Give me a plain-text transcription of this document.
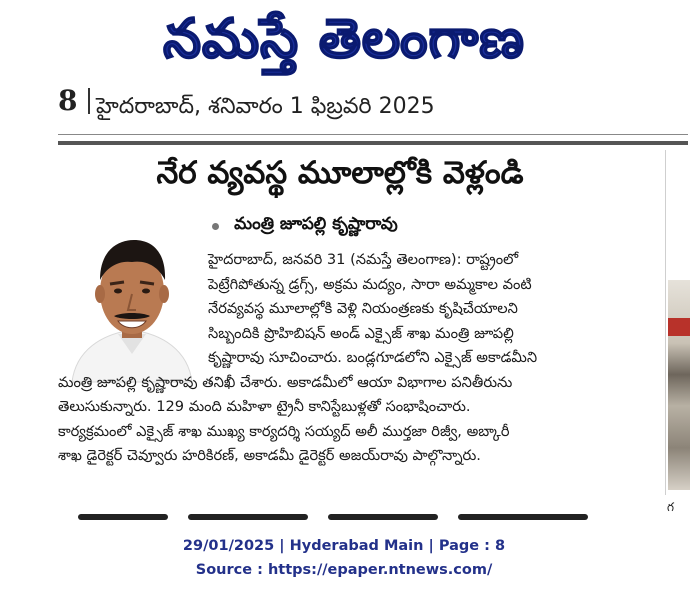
నమస్తే తెలంగాణ
8 హైదరాబాద్, శనివారం 1 ఫిబ్రవరి 2025
నేర వ్యవస్థ మూలాల్లోకి వెళ్లండి
గ
మంత్రి జూపల్లి కృష్ణారావు
హైదరాబాద్, జనవరి 31 (నమస్తే తెలంగాణ): రాష్ట్రంలో
పెట్రేగిపోతున్న డ్రగ్స్, అక్రమ మద్యం, సారా అమ్మకాల వంటి
నేరవ్యవస్థ మూలాల్లోకి వెళ్లి నియంత్రణకు కృషిచేయాలని
సిబ్బందికి ప్రొహిబిషన్ అండ్ ఎక్సైజ్ శాఖ మంత్రి జూపల్లి
కృష్ణారావు సూచించారు. బండ్లగూడలోని ఎక్సైజ్ అకాడమీని
మంత్రి జూపల్లి కృష్ణారావు తనిఖీ చేశారు. అకాడమీలో ఆయా విభాగాల పనితీరును
తెలుసుకున్నారు. 129 మంది మహిళా ట్రైనీ కానిస్టేబుళ్లతో సంభాషించారు.
కార్యక్రమంలో ఎక్సైజ్ శాఖ ముఖ్య కార్యదర్శి సయ్యద్ అలీ ముర్తజా రిజ్వీ, అబ్కారీ
శాఖ డైరెక్టర్ చెవ్వూరు హరికిరణ్, అకాడమీ డైరెక్టర్ అజయ్‌రావు పాల్గొన్నారు.
29/01/2025 | Hyderabad Main | Page : 8
Source : https://epaper.ntnews.com/
